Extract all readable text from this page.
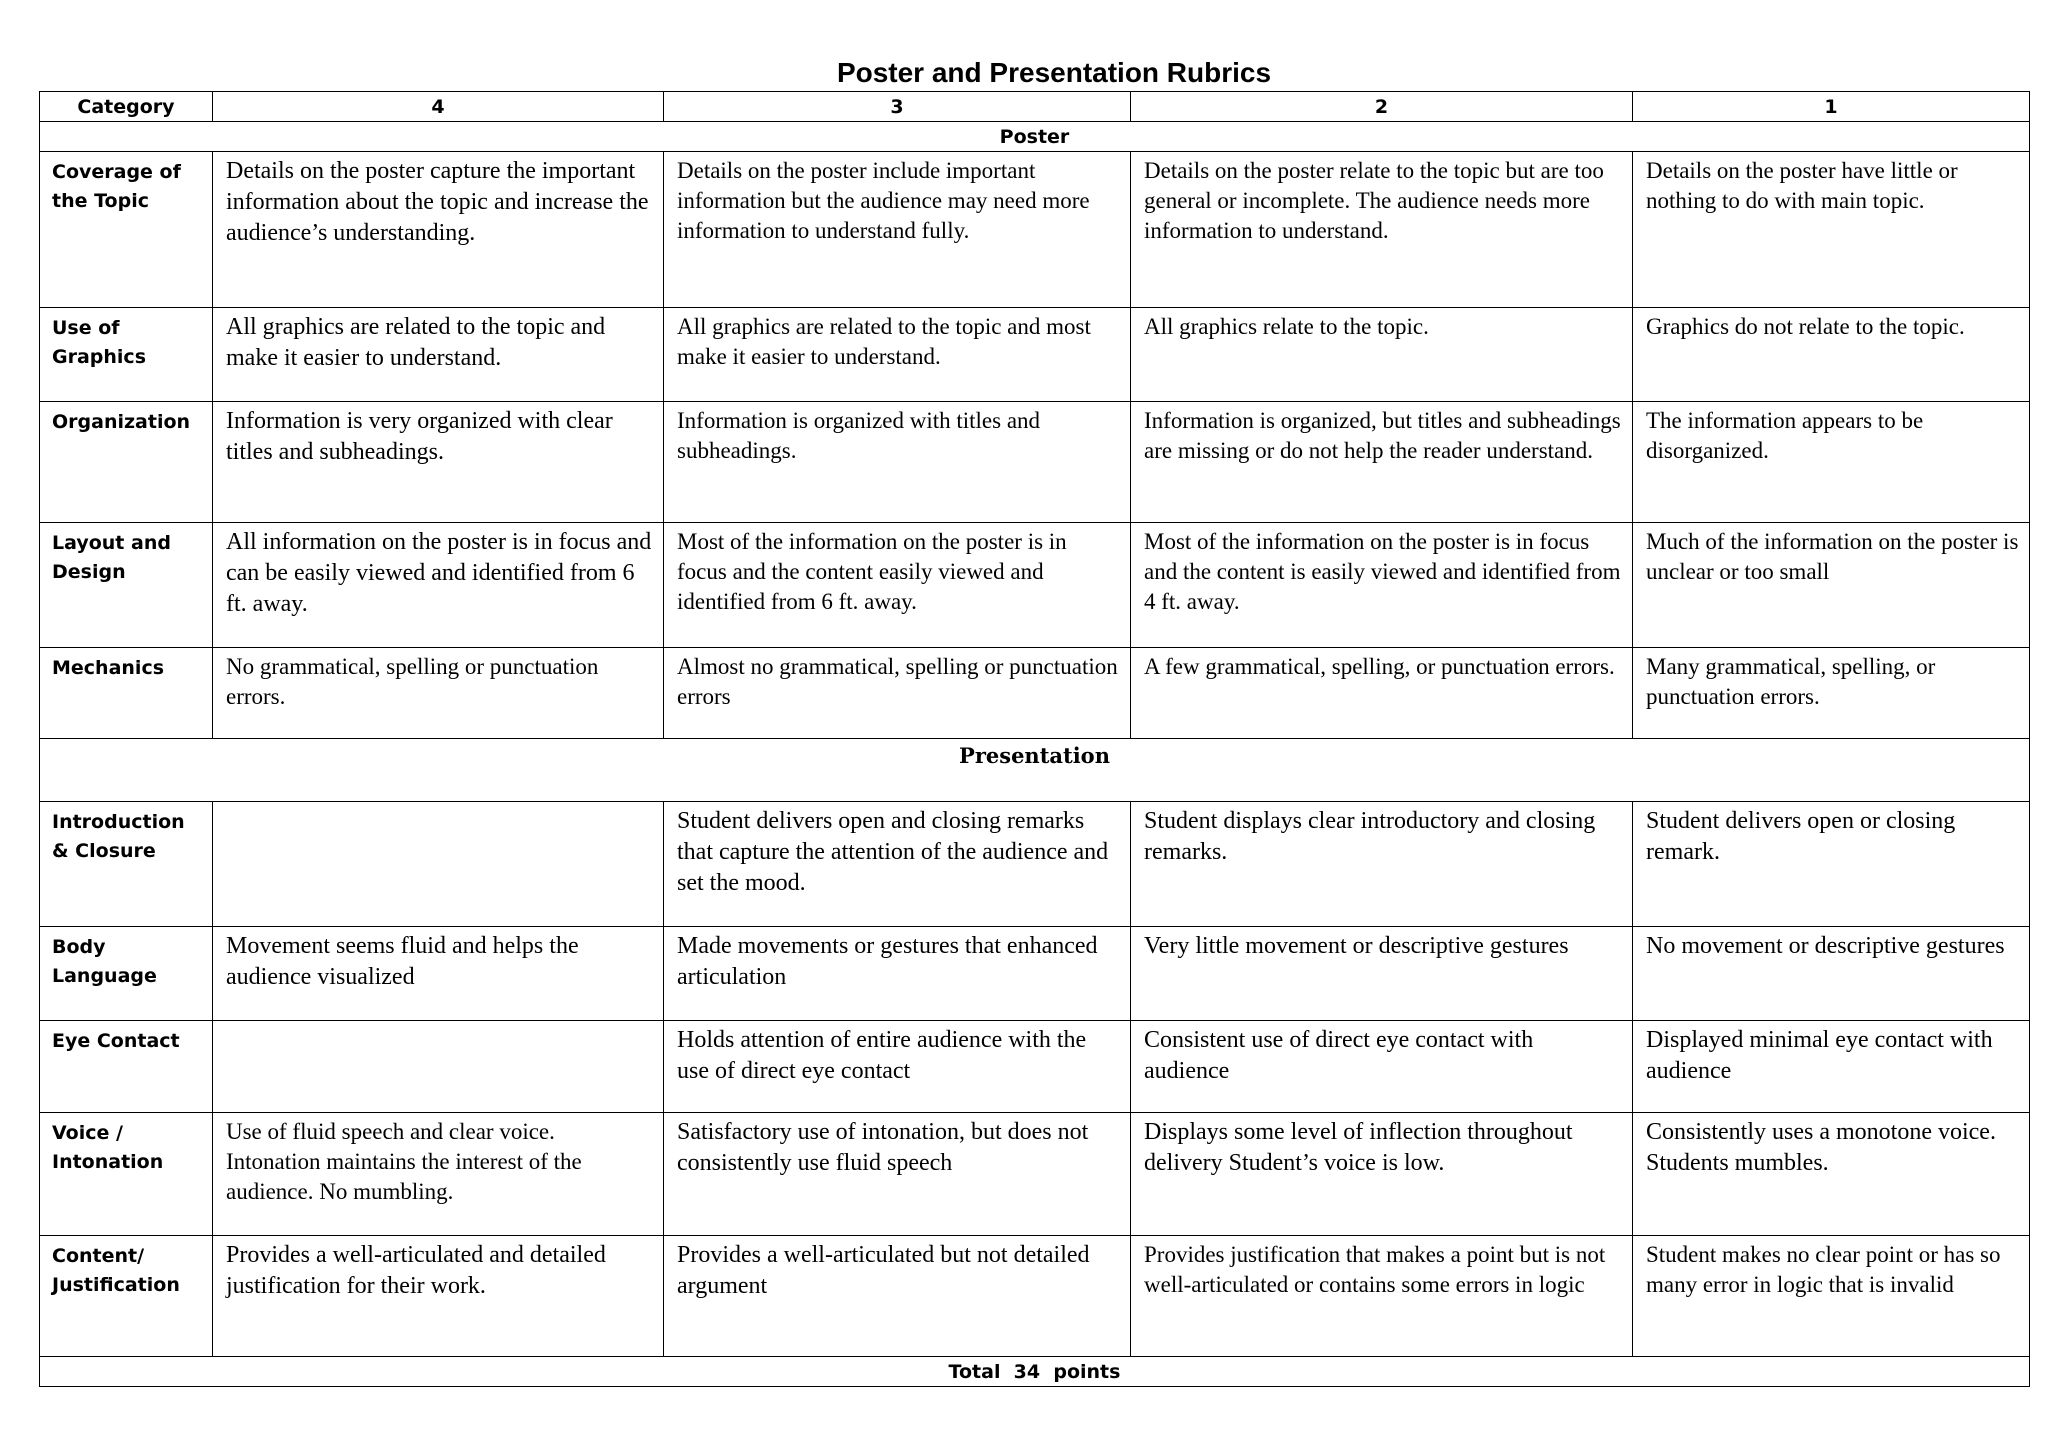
Poster and Presentation Rubrics
Category	4	3	2	1
Poster				
Coverage of the Topic	Details on the poster capture the important information about the topic and increase the audience’s understanding.	Details on the poster include important information but the audience may need more information to understand fully.	Details on the poster relate to the topic but are too general or incomplete. The audience needs more information to understand.	Details on the poster have little or nothing to do with main topic.
Use of Graphics	All graphics are related to the topic and make it easier to understand.	All graphics are related to the topic and most make it easier to understand.	All graphics relate to the topic.	Graphics do not relate to the topic.
Organization	Information is very organized with clear titles and subheadings.	Information is organized with titles and subheadings.	Information is organized, but titles and subheadings are missing or do not help the reader understand.	The information appears to be disorganized.
Layout and Design	All information on the poster is in focus and can be easily viewed and identified from 6 ft. away.	Most of the information on the poster is in focus and the content easily viewed and identified from 6 ft. away.	Most of the information on the poster is in focus and the content is easily viewed and identified from 4 ft. away.	Much of the information on the poster is unclear or too small
Mechanics	No grammatical, spelling or punctuation errors.	Almost no grammatical, spelling or punctuation errors	A few grammatical, spelling, or punctuation errors.	Many grammatical, spelling, or punctuation errors.
Presentation				
Introduction & Closure		Student delivers open and closing remarks that capture the attention of the audience and set the mood.	Student displays clear introductory and closing remarks.	Student delivers open or closing remark.
Body Language	Movement seems fluid and helps the audience visualized	Made movements or gestures that enhanced articulation	Very little movement or descriptive gestures	No movement or descriptive gestures
Eye Contact		Holds attention of entire audience with the use of direct eye contact	Consistent use of direct eye contact with audience	Displayed minimal eye contact with audience
Voice / Intonation	Use of fluid speech and clear voice. Intonation maintains the interest of the audience. No mumbling.	Satisfactory use of intonation, but does not consistently use fluid speech	Displays some level of inflection throughout delivery Student’s voice is low.	Consistently uses a monotone voice. Students mumbles.
Content/ Justification	Provides a well-articulated and detailed justification for their work.	Provides a well-articulated but not detailed argument	Provides justification that makes a point but is not well-articulated or contains some errors in logic	Student makes no clear point or has so many error in logic that is invalid
Total  34  points				
